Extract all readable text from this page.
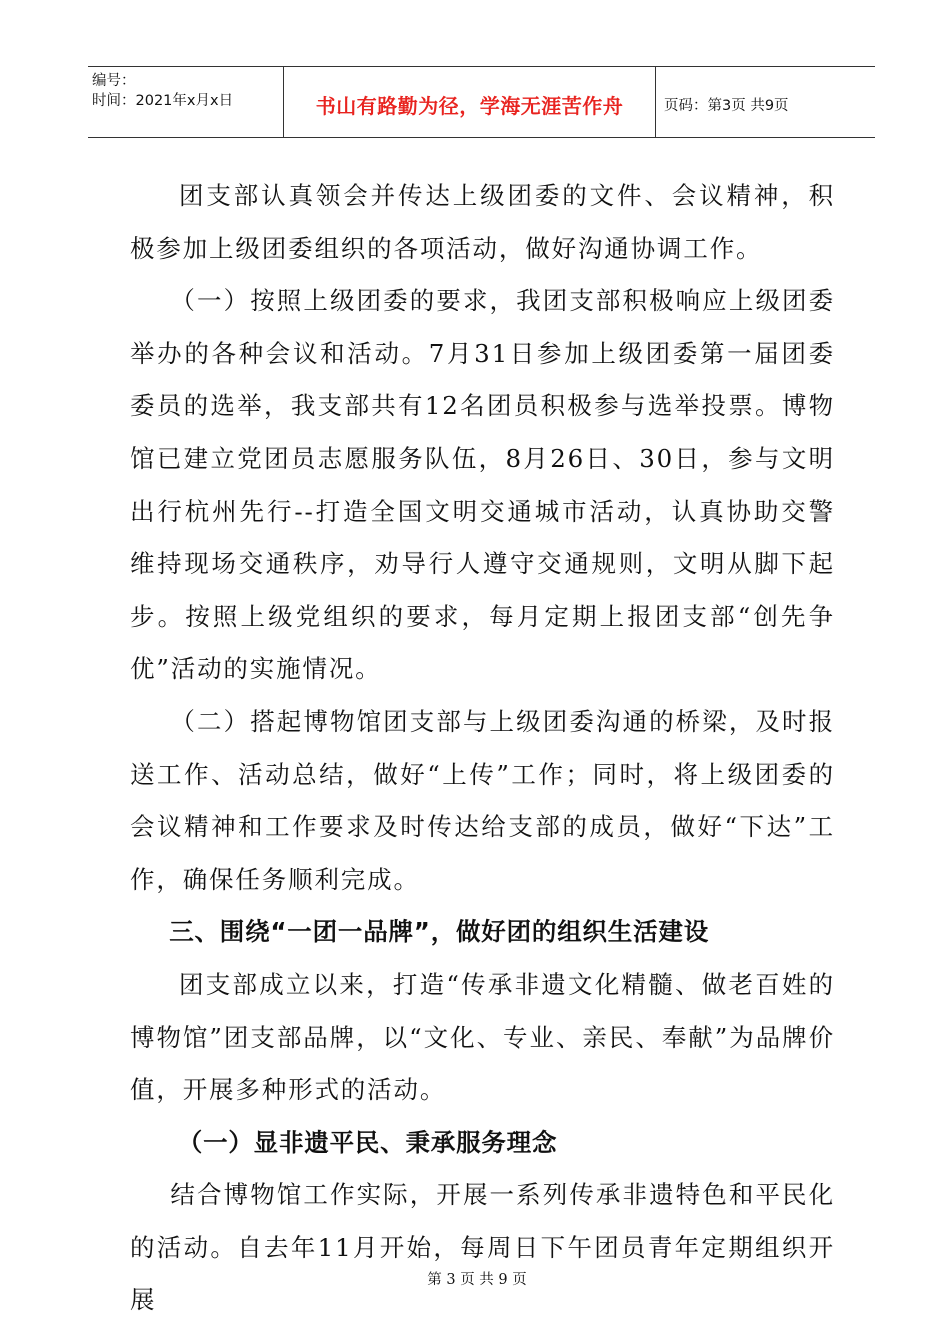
编号：
时间：2021年x月x日	书山有路勤为径，学海无涯苦作舟	页码：第3页 共9页

团支部认真领会并传达上级团委的文件、会议精神，积极参加上级团委组织的各项活动，做好沟通协调工作。

（一）按照上级团委的要求，我团支部积极响应上级团委举办的各种会议和活动。7月31日参加上级团委第一届团委委员的选举，我支部共有12名团员积极参与选举投票。博物馆已建立党团员志愿服务队伍，8月26日、30日，参与文明出行杭州先行--打造全国文明交通城市活动，认真协助交警维持现场交通秩序，劝导行人遵守交通规则，文明从脚下起步。按照上级党组织的要求，每月定期上报团支部“创先争优”活动的实施情况。

（二）搭起博物馆团支部与上级团委沟通的桥梁，及时报送工作、活动总结，做好“上传”工作；同时，将上级团委的会议精神和工作要求及时传达给支部的成员，做好“下达”工作，确保任务顺利完成。

三、围绕“一团一品牌”，做好团的组织生活建设

团支部成立以来，打造“传承非遗文化精髓、做老百姓的博物馆”团支部品牌，以“文化、专业、亲民、奉献”为品牌价值，开展多种形式的活动。

（一）显非遗平民、秉承服务理念

结合博物馆工作实际，开展一系列传承非遗特色和平民化的活动。自去年11月开始，每周日下午团员青年定期组织开展

第 3 页 共 9 页
